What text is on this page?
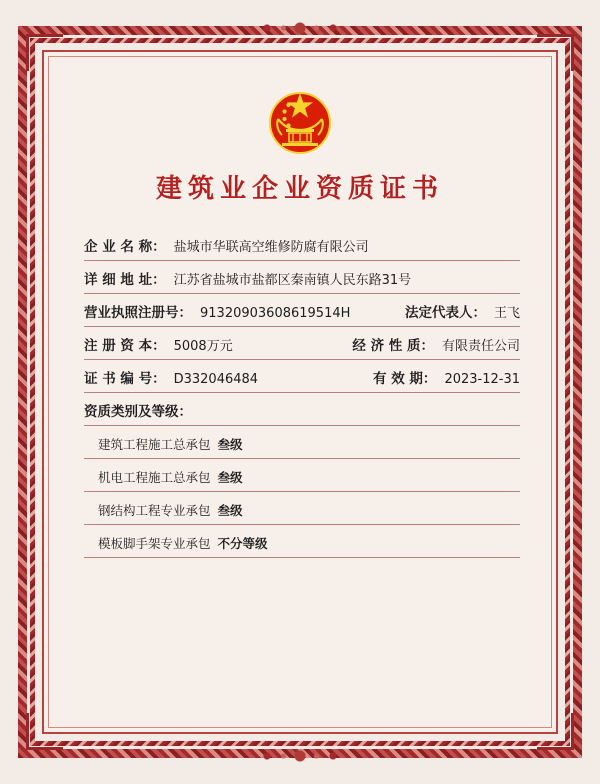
建筑业企业资质证书
企 业 名 称： 盐城市华联高空维修防腐有限公司
详 细 地 址： 江苏省盐城市盐都区秦南镇人民东路31号
营业执照注册号： 91320903608619514H	法定代表人： 王飞
注 册 资 本： 5008万元	经 济 性 质： 有限责任公司
证 书 编 号： D332046484	有 效 期： 2023-12-31
资质类别及等级：
建筑工程施工总承包 叁级
机电工程施工总承包 叁级
钢结构工程专业承包 叁级
模板脚手架专业承包 不分等级
